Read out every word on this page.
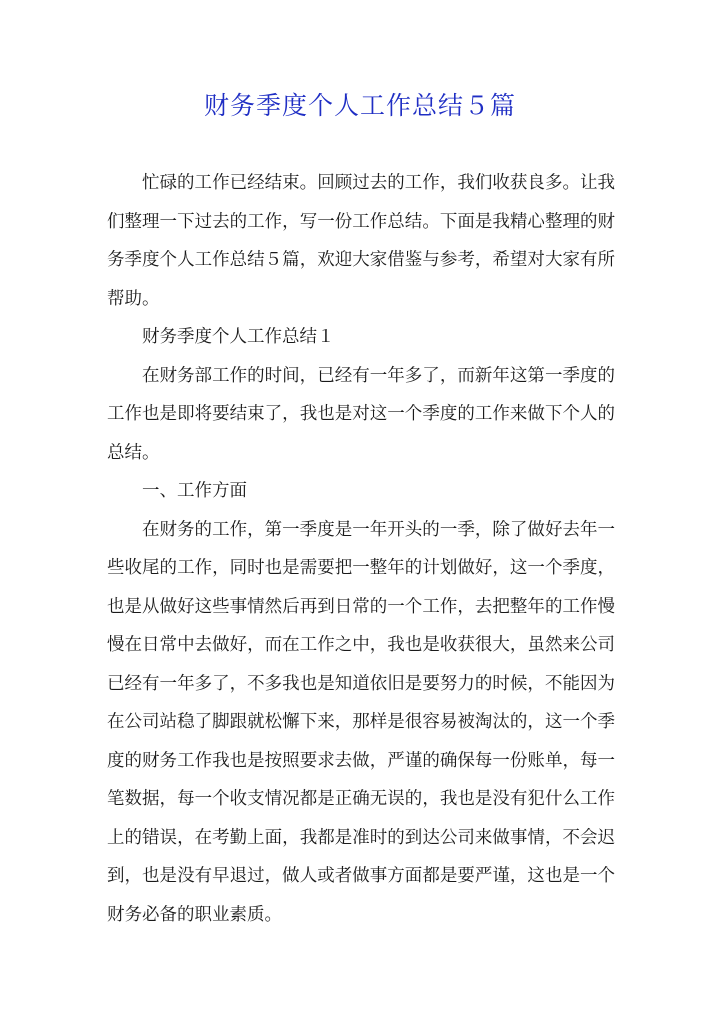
财务季度个人工作总结５篇

忙碌的工作已经结束。回顾过去的工作，我们收获良多。让我们整理一下过去的工作，写一份工作总结。下面是我精心整理的财务季度个人工作总结５篇，欢迎大家借鉴与参考，希望对大家有所帮助。

财务季度个人工作总结１

在财务部工作的时间，已经有一年多了，而新年这第一季度的工作也是即将要结束了，我也是对这一个季度的工作来做下个人的总结。

一、工作方面

在财务的工作，第一季度是一年开头的一季，除了做好去年一些收尾的工作，同时也是需要把一整年的计划做好，这一个季度，也是从做好这些事情然后再到日常的一个工作，去把整年的工作慢慢在日常中去做好，而在工作之中，我也是收获很大，虽然来公司已经有一年多了，不多我也是知道依旧是要努力的时候，不能因为在公司站稳了脚跟就松懈下来，那样是很容易被淘汰的，这一个季度的财务工作我也是按照要求去做，严谨的确保每一份账单，每一笔数据，每一个收支情况都是正确无误的，我也是没有犯什么工作上的错误，在考勤上面，我都是准时的到达公司来做事情，不会迟到，也是没有早退过，做人或者做事方面都是要严谨，这也是一个财务必备的职业素质。
